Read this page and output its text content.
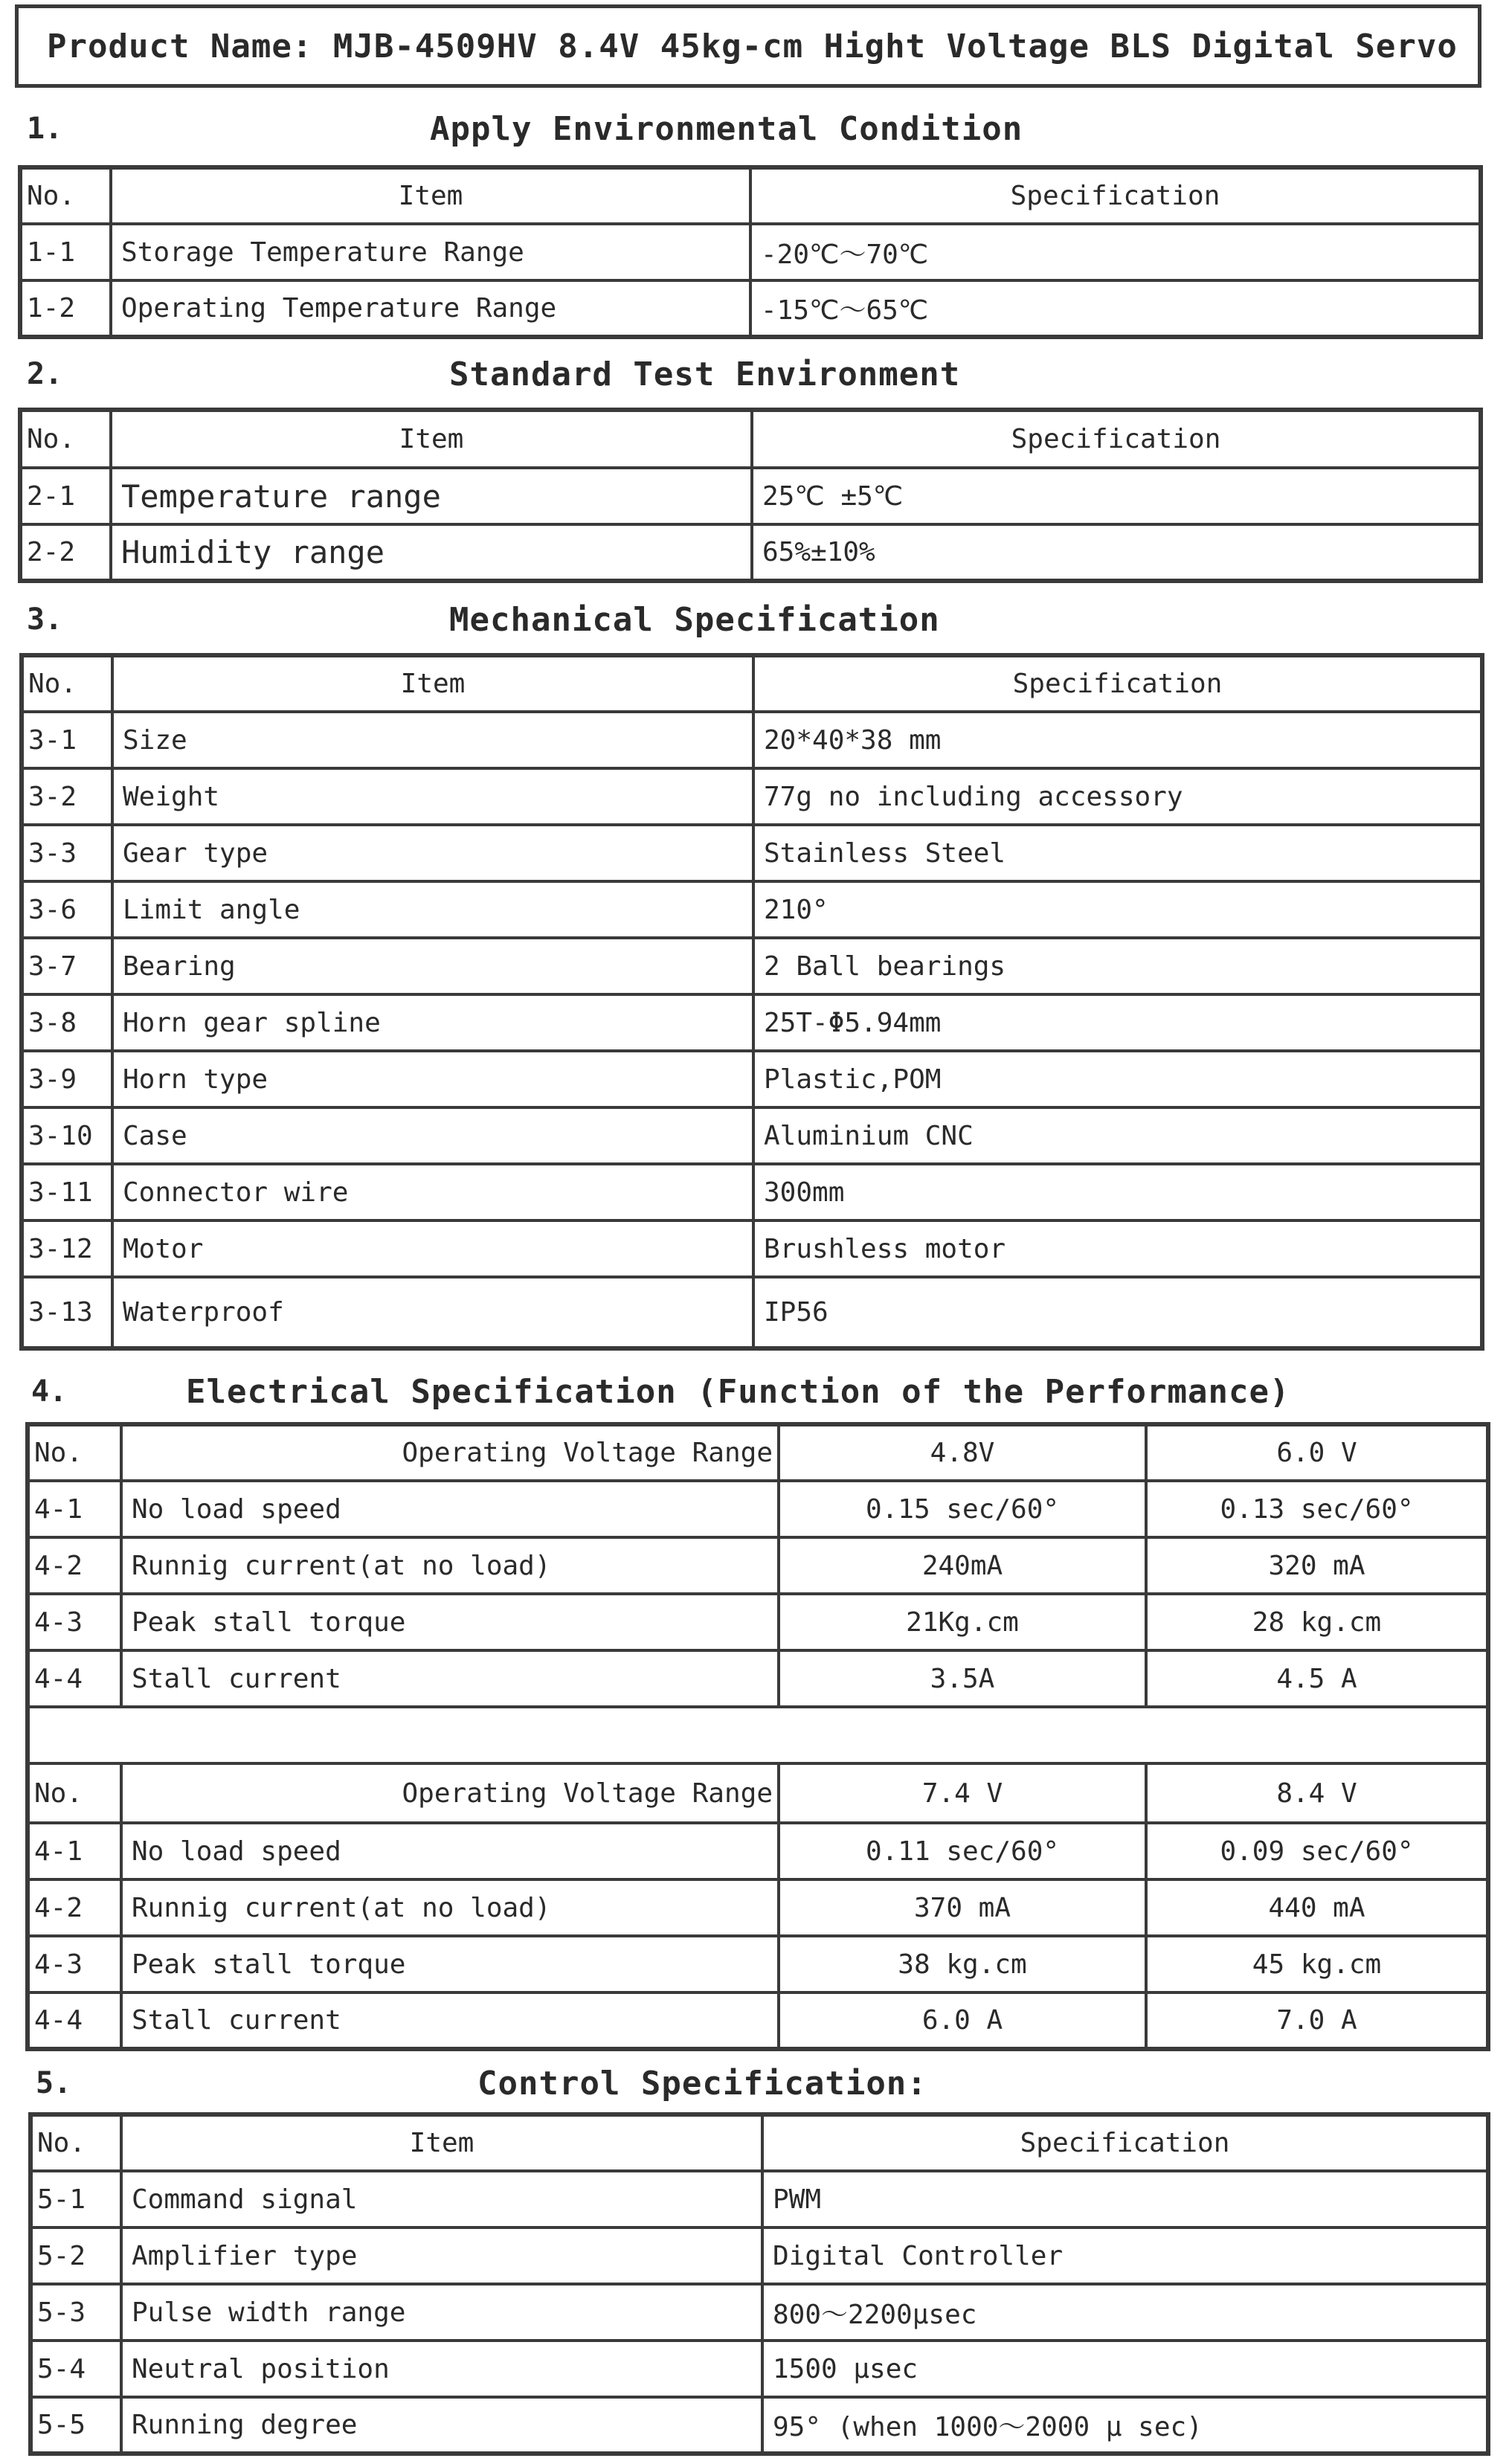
Product Name: MJB-4509HV 8.4V 45kg-cm Hight Voltage BLS Digital Servo
1.	Apply Environmental Condition
No.	Item	Specification
1-1	Storage Temperature Range	-20℃～70℃
1-2	Operating Temperature Range	-15℃～65℃
2.	Standard Test Environment
No.	Item	Specification
2-1	Temperature range	25℃ ±5℃
2-2	Humidity range	65%±10%
3.	Mechanical Specification
No.	Item	Specification
3-1	Size	20*40*38 mm
3-2	Weight	77g no including accessory
3-3	Gear type	Stainless Steel
3-6	Limit angle	210°
3-7	Bearing	2 Ball bearings
3-8	Horn gear spline	25T-Φ5.94mm
3-9	Horn type	Plastic,POM
3-10	Case	Aluminium CNC
3-11	Connector wire	300mm
3-12	Motor	Brushless motor
3-13	Waterproof	IP56
4.	Electrical Specification (Function of the Performance)
No.	Operating Voltage Range	4.8V	6.0 V
4-1	No load speed	0.15 sec/60°	0.13 sec/60°
4-2	Runnig current(at no load)	240mA	320 mA
4-3	Peak stall torque	21Kg.cm	28 kg.cm
4-4	Stall current	3.5A	4.5 A

No.	Operating Voltage Range	7.4 V	8.4 V
4-1	No load speed	0.11 sec/60°	0.09 sec/60°
4-2	Runnig current(at no load)	370 mA	440 mA
4-3	Peak stall torque	38 kg.cm	45 kg.cm
4-4	Stall current	6.0 A	7.0 A
5.	Control Specification:
No.	Item	Specification
5-1	Command signal	PWM
5-2	Amplifier type	Digital Controller
5-3	Pulse width range	800～2200μsec
5-4	Neutral position	1500 μsec
5-5	Running degree	95° (when 1000～2000 μ sec)
